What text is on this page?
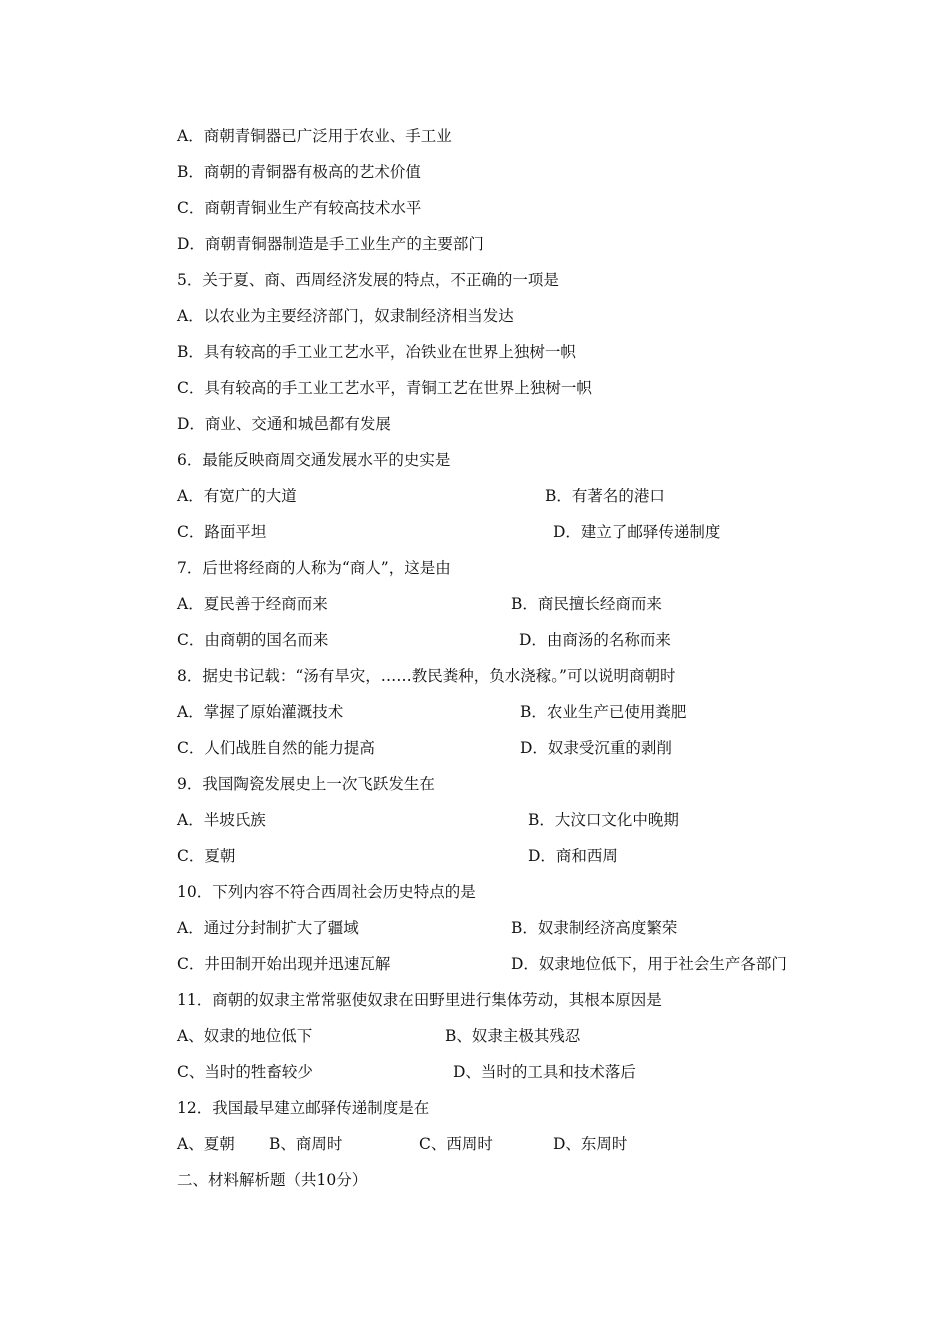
A．商朝青铜器已广泛用于农业、手工业
B．商朝的青铜器有极高的艺术价值
C．商朝青铜业生产有较高技术水平
D．商朝青铜器制造是手工业生产的主要部门
5．关于夏、商、西周经济发展的特点，不正确的一项是
A．以农业为主要经济部门，奴隶制经济相当发达
B．具有较高的手工业工艺水平，冶铁业在世界上独树一帜
C．具有较高的手工业工艺水平，青铜工艺在世界上独树一帜
D．商业、交通和城邑都有发展
6．最能反映商周交通发展水平的史实是
A．有宽广的大道	B．有著名的港口
C．路面平坦	D．建立了邮驿传递制度
7．后世将经商的人称为“商人”，这是由
A．夏民善于经商而来	B．商民擅长经商而来
C．由商朝的国名而来	D．由商汤的名称而来
8．据史书记载：“汤有旱灾，……教民粪种，负水浇稼。”可以说明商朝时
A．掌握了原始灌溉技术	B．农业生产已使用粪肥
C．人们战胜自然的能力提高	D．奴隶受沉重的剥削
9．我国陶瓷发展史上一次飞跃发生在
A．半坡氏族	B．大汶口文化中晚期
C．夏朝	D．商和西周
10．下列内容不符合西周社会历史特点的是
A．通过分封制扩大了疆域	B．奴隶制经济高度繁荣
C．井田制开始出现并迅速瓦解	D．奴隶地位低下，用于社会生产各部门
11．商朝的奴隶主常常驱使奴隶在田野里进行集体劳动，其根本原因是
A、奴隶的地位低下	B、奴隶主极其残忍
C、当时的牲畜较少	D、当时的工具和技术落后
12．我国最早建立邮驿传递制度是在
A、夏朝 B、商周时	C、西周时	D、东周时
二、材料解析题（共10分）
